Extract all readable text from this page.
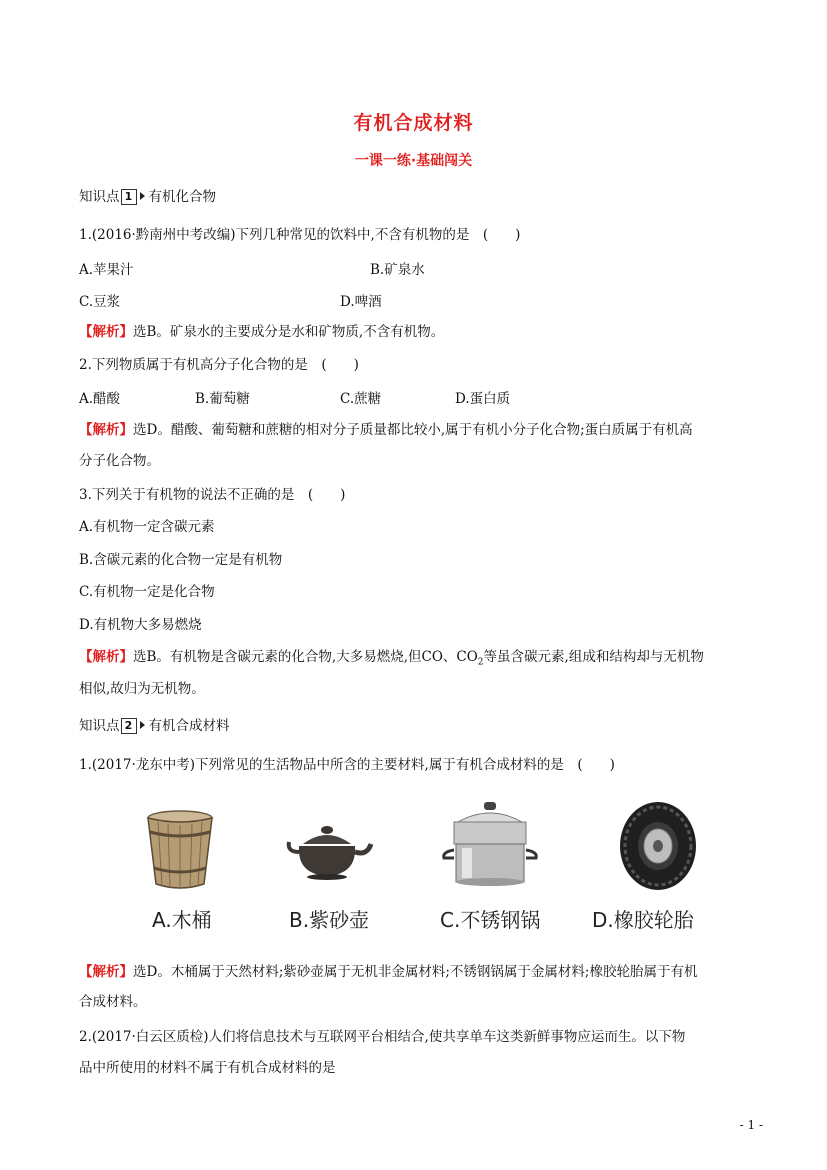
有机合成材料
一课一练·基础闯关
知识点 1 有机化合物
1.(2016·黔南州中考改编)下列几种常见的饮料中,不含有机物的是　(　　)
A.苹果汁	B.矿泉水
C.豆浆	D.啤酒
【解析】选B。矿泉水的主要成分是水和矿物质,不含有机物。
2.下列物质属于有机高分子化合物的是　(　　)
A.醋酸	B.葡萄糖	C.蔗糖	D.蛋白质
【解析】选D。醋酸、葡萄糖和蔗糖的相对分子质量都比较小,属于有机小分子化合物;蛋白质属于有机高
分子化合物。
3.下列关于有机物的说法不正确的是　(　　)
A.有机物一定含碳元素
B.含碳元素的化合物一定是有机物
C.有机物一定是化合物
D.有机物大多易燃烧
【解析】选B。有机物是含碳元素的化合物,大多易燃烧,但CO、$CO_2$等虽含碳元素,组成和结构却与无机物
相似,故归为无机物。
知识点 2 有机合成材料
1.(2017·龙东中考)下列常见的生活物品中所含的主要材料,属于有机合成材料的是　(　　)
A.木桶	B.紫砂壶	C.不锈钢锅	D.橡胶轮胎
【解析】选D。木桶属于天然材料;紫砂壶属于无机非金属材料;不锈钢锅属于金属材料;橡胶轮胎属于有机
合成材料。
2.(2017·白云区质检)人们将信息技术与互联网平台相结合,使共享单车这类新鲜事物应运而生。以下物
品中所使用的材料不属于有机合成材料的是
- 1 -
